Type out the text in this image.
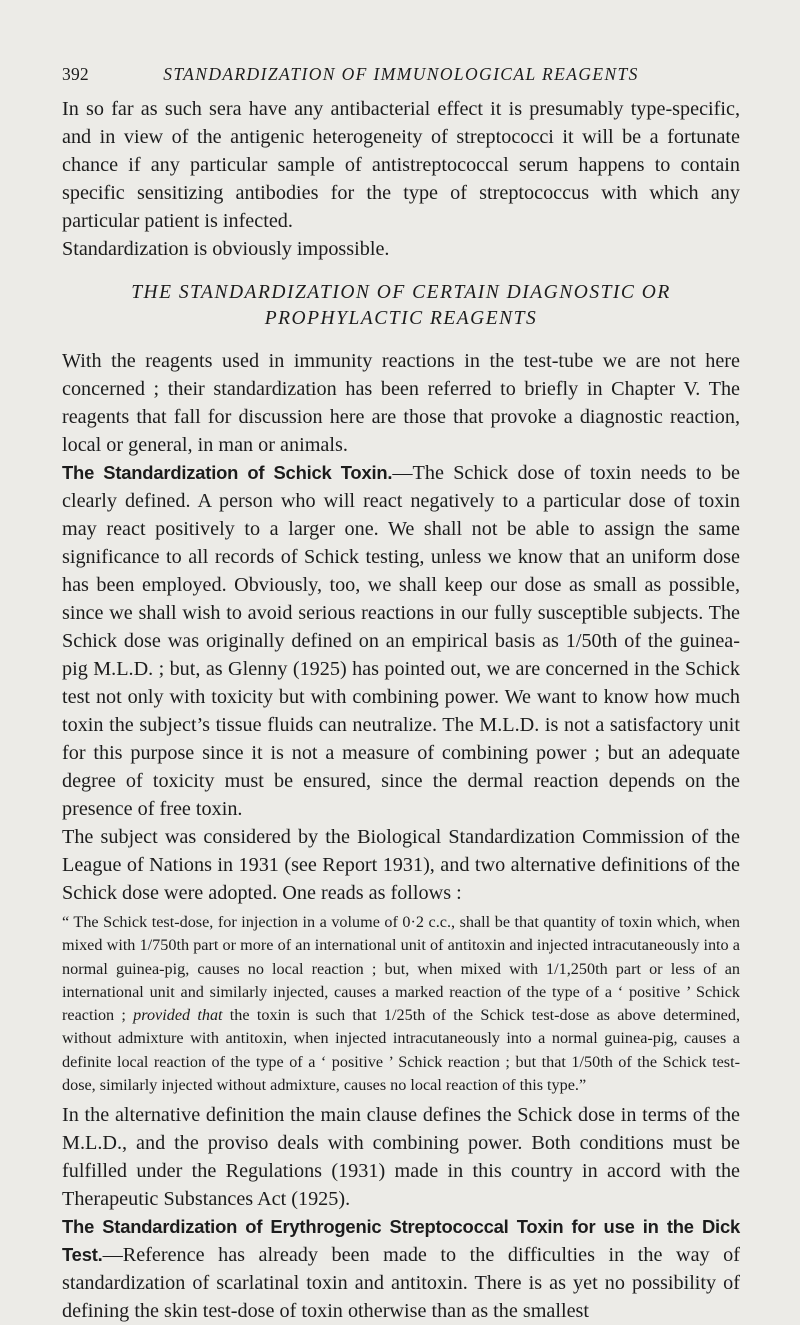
392	STANDARDIZATION OF IMMUNOLOGICAL REAGENTS

In so far as such sera have any antibacterial effect it is presumably type-specific, and in view of the antigenic heterogeneity of streptococci it will be a fortunate chance if any particular sample of antistreptococcal serum happens to contain specific sensitizing antibodies for the type of streptococcus with which any particular patient is infected.

Standardization is obviously impossible.

THE STANDARDIZATION OF CERTAIN DIAGNOSTIC OR PROPHYLACTIC REAGENTS

With the reagents used in immunity reactions in the test-tube we are not here concerned ; their standardization has been referred to briefly in Chapter V. The reagents that fall for discussion here are those that provoke a diagnostic reaction, local or general, in man or animals.

The Standardization of Schick Toxin.—The Schick dose of toxin needs to be clearly defined. A person who will react negatively to a particular dose of toxin may react positively to a larger one. We shall not be able to assign the same significance to all records of Schick testing, unless we know that an uniform dose has been employed. Obviously, too, we shall keep our dose as small as possible, since we shall wish to avoid serious reactions in our fully susceptible subjects. The Schick dose was originally defined on an empirical basis as 1/50th of the guinea-pig M.L.D. ; but, as Glenny (1925) has pointed out, we are concerned in the Schick test not only with toxicity but with combining power. We want to know how much toxin the subject’s tissue fluids can neutralize. The M.L.D. is not a satisfactory unit for this purpose since it is not a measure of combining power ; but an adequate degree of toxicity must be ensured, since the dermal reaction depends on the presence of free toxin.

The subject was considered by the Biological Standardization Commission of the League of Nations in 1931 (see Report 1931), and two alternative definitions of the Schick dose were adopted. One reads as follows :

“ The Schick test-dose, for injection in a volume of 0·2 c.c., shall be that quantity of toxin which, when mixed with 1/750th part or more of an international unit of antitoxin and injected intracutaneously into a normal guinea-pig, causes no local reaction ; but, when mixed with 1/1,250th part or less of an international unit and similarly injected, causes a marked reaction of the type of a ‘ positive ’ Schick reaction ; provided that the toxin is such that 1/25th of the Schick test-dose as above determined, without admixture with antitoxin, when injected intracutaneously into a normal guinea-pig, causes a definite local reaction of the type of a ‘ positive ’ Schick reaction ; but that 1/50th of the Schick test-dose, similarly injected without admixture, causes no local reaction of this type.”

In the alternative definition the main clause defines the Schick dose in terms of the M.L.D., and the proviso deals with combining power. Both conditions must be fulfilled under the Regulations (1931) made in this country in accord with the Therapeutic Substances Act (1925).

The Standardization of Erythrogenic Streptococcal Toxin for use in the Dick Test.—Reference has already been made to the difficulties in the way of standardization of scarlatinal toxin and antitoxin. There is as yet no possibility of defining the skin test-dose of toxin otherwise than as the smallest
